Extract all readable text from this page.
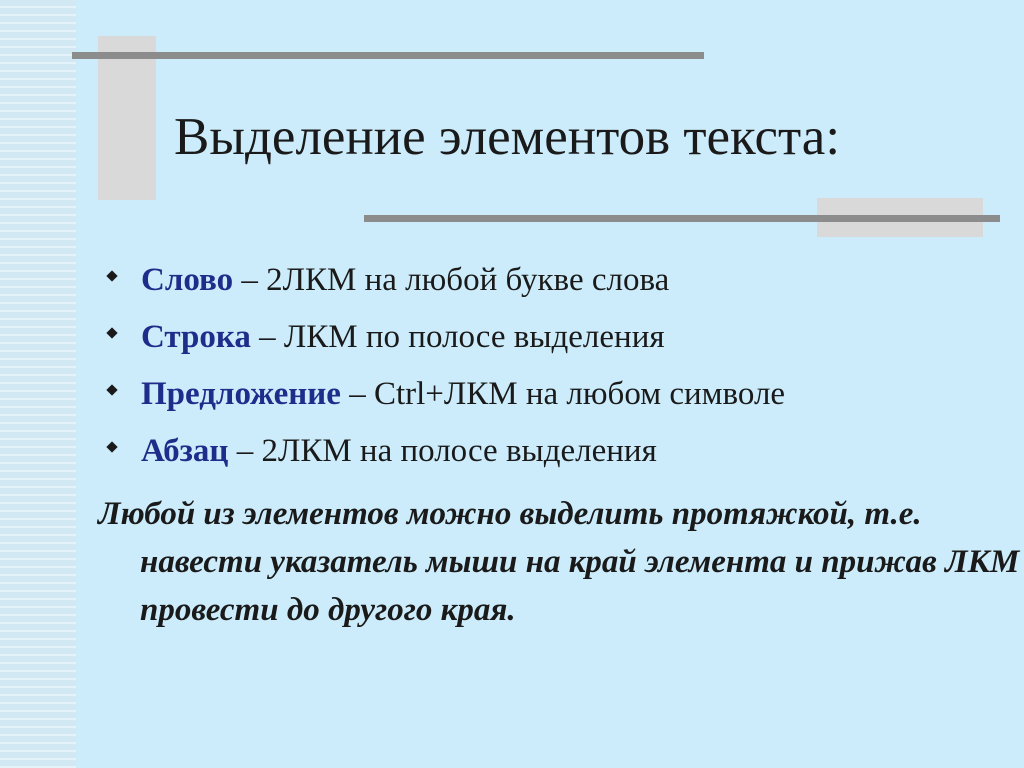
Выделение элементов текста:
Слово – 2ЛКМ на любой букве слова
Строка – ЛКМ по полосе выделения
Предложение – Ctrl+ЛКМ на любом символе
Абзац – 2ЛКМ на полосе выделения

Любой из элементов можно выделить протяжкой, т.е. навести указатель мыши на край элемента и прижав ЛКМ провести до другого края.
